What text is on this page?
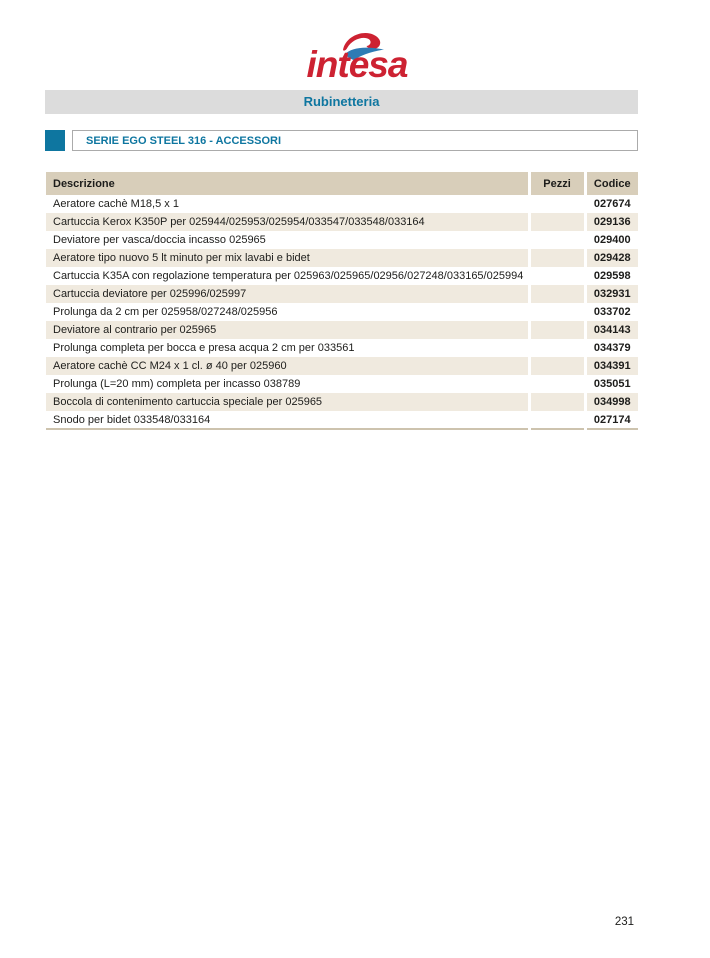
intesa
Rubinetteria
SERIE EGO STEEL 316 - ACCESSORI
Descrizione	Pezzi	Codice
Aeratore cachè M18,5 x 1		027674
Cartuccia Kerox K350P per 025944/025953/025954/033547/033548/033164		029136
Deviatore per vasca/doccia incasso 025965		029400
Aeratore tipo nuovo 5 lt minuto per mix lavabi e bidet		029428
Cartuccia K35A con regolazione temperatura per 025963/025965/02956/027248/033165/025994		029598
Cartuccia deviatore per 025996/025997		032931
Prolunga da 2 cm per 025958/027248/025956		033702
Deviatore al contrario per 025965		034143
Prolunga completa per bocca e presa acqua 2 cm per 033561		034379
Aeratore cachè CC M24 x 1 cl. ø 40 per 025960		034391
Prolunga (L=20 mm) completa per incasso 038789		035051
Boccola di contenimento cartuccia speciale per 025965		034998
Snodo per bidet 033548/033164		027174
231
